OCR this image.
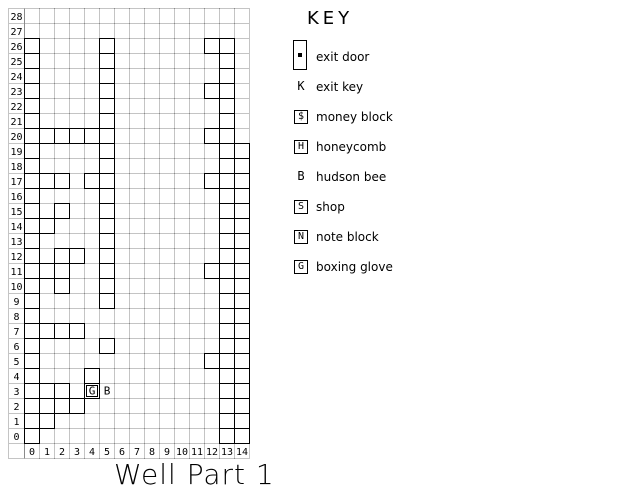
28
27
26
25
24
23
22
21
20
19
18
17
16
15
14
13
12
11
10
9
8
7
6
5
4
3
2
1
0
0 1 2 3 4 5 6 7 8 9 10 11 12 13 14
G B
Well Part 1
KEY
exit door
K exit key
$ money block
H honeycomb
B hudson bee
S shop
N note block
G boxing glove
